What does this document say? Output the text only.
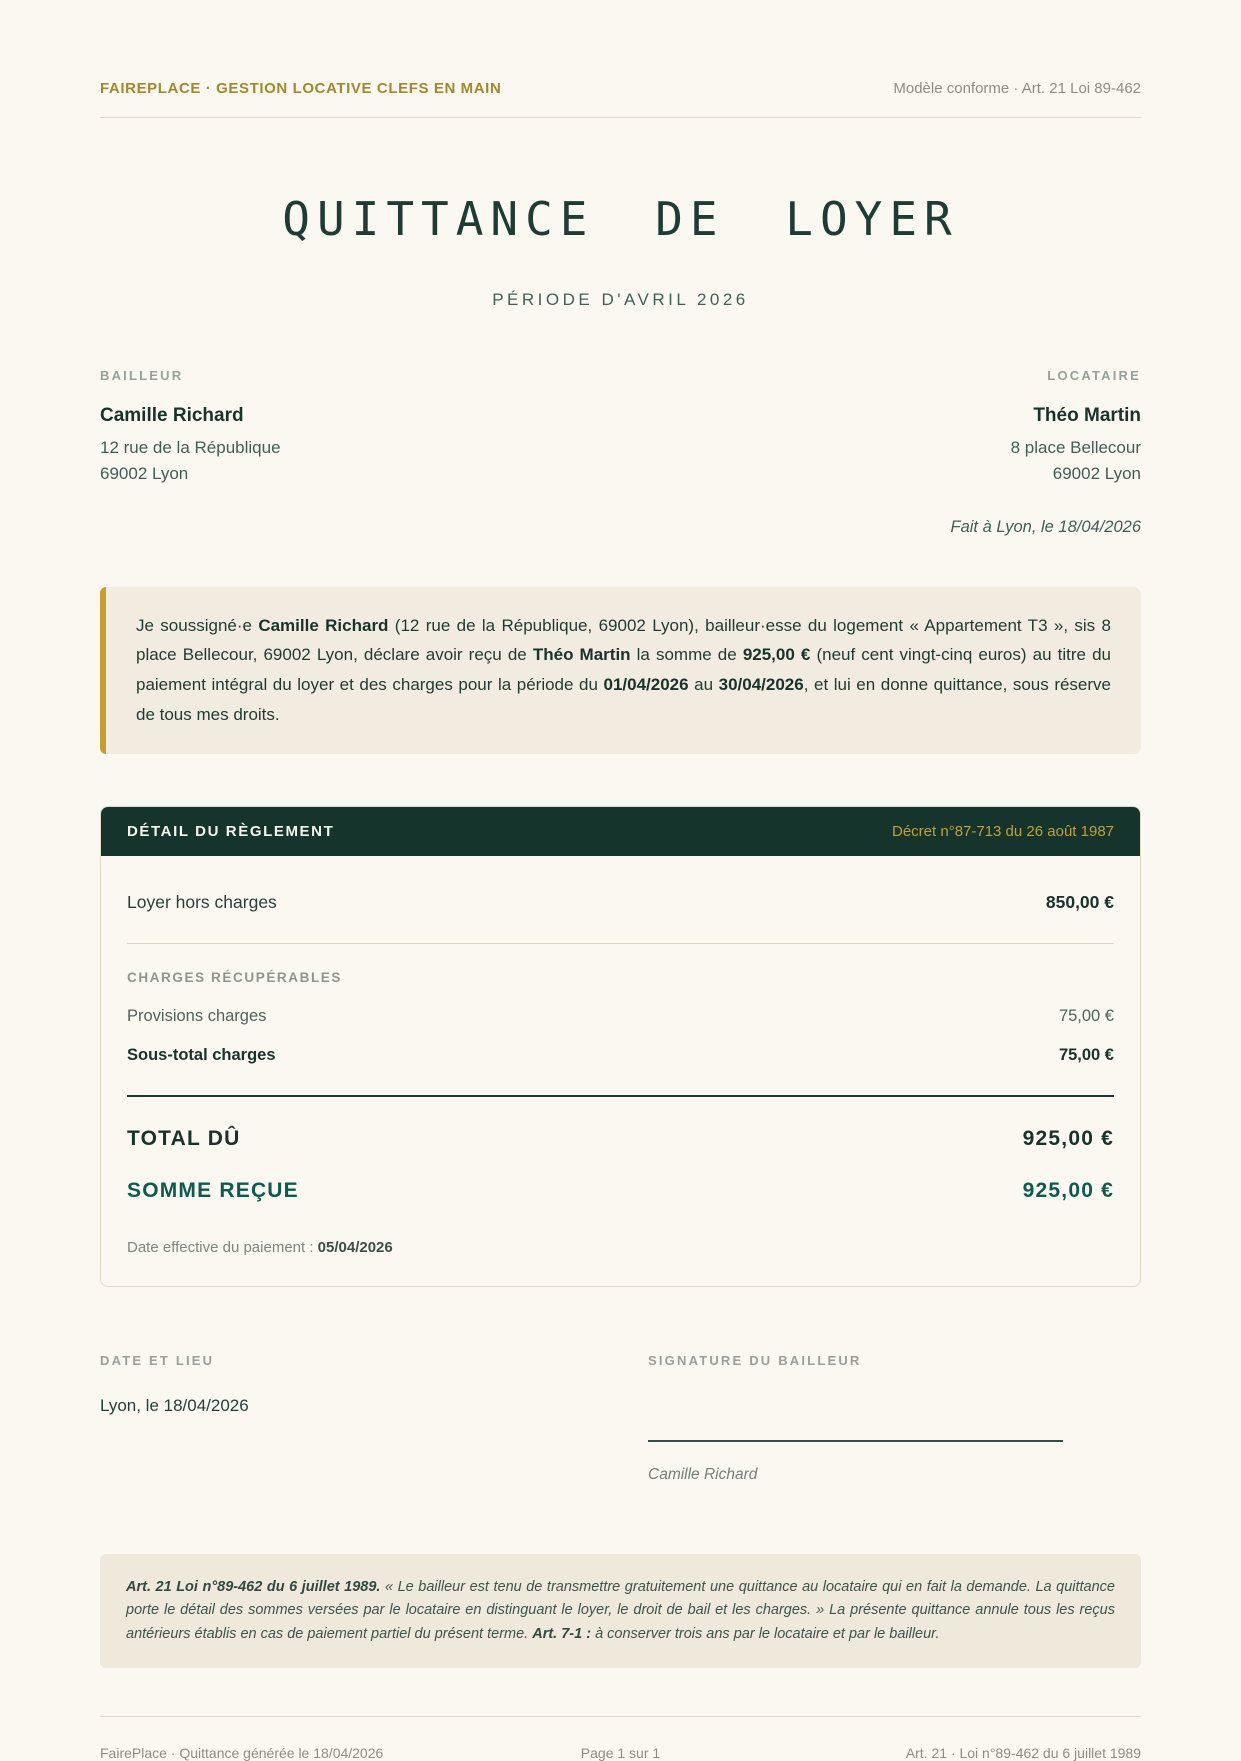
FAIREPLACE · GESTION LOCATIVE CLEFS EN MAIN	Modèle conforme · Art. 21 Loi 89-462
QUITTANCE DE LOYER
PÉRIODE D'AVRIL 2026
BAILLEUR
Camille Richard
12 rue de la République
69002 Lyon
LOCATAIRE
Théo Martin
8 place Bellecour
69002 Lyon
Fait à Lyon, le 18/04/2026
Je soussigné·e Camille Richard (12 rue de la République, 69002 Lyon), bailleur·esse du logement « Appartement T3 », sis 8 place Bellecour, 69002 Lyon, déclare avoir reçu de Théo Martin la somme de 925,00 € (neuf cent vingt-cinq euros) au titre du paiement intégral du loyer et des charges pour la période du 01/04/2026 au 30/04/2026, et lui en donne quittance, sous réserve de tous mes droits.
DÉTAIL DU RÈGLEMENT	Décret n°87-713 du 26 août 1987
Loyer hors charges	850,00 €
CHARGES RÉCUPÉRABLES
Provisions charges	75,00 €
Sous-total charges	75,00 €
TOTAL DÛ	925,00 €
SOMME REÇUE	925,00 €
Date effective du paiement : 05/04/2026
DATE ET LIEU
Lyon, le 18/04/2026
SIGNATURE DU BAILLEUR
Camille Richard
Art. 21 Loi n°89-462 du 6 juillet 1989. « Le bailleur est tenu de transmettre gratuitement une quittance au locataire qui en fait la demande. La quittance porte le détail des sommes versées par le locataire en distinguant le loyer, le droit de bail et les charges. » La présente quittance annule tous les reçus antérieurs établis en cas de paiement partiel du présent terme. Art. 7-1 : à conserver trois ans par le locataire et par le bailleur.
FairePlace · Quittance générée le 18/04/2026	Page 1 sur 1	Art. 21 · Loi n°89-462 du 6 juillet 1989
